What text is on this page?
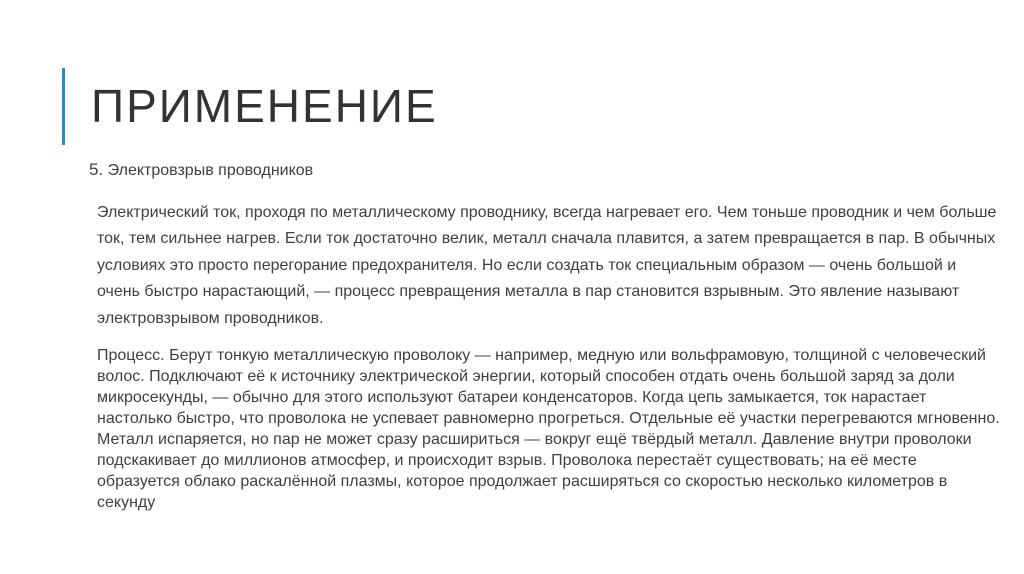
ПРИМЕНЕНИЕ

5. Электровзрыв проводников

Электрический ток, проходя по металлическому проводнику, всегда нагревает его. Чем тоньше проводник и чем больше ток, тем сильнее нагрев. Если ток достаточно велик, металл сначала плавится, а затем превращается в пар. В обычных условиях это просто перегорание предохранителя. Но если создать ток специальным образом — очень большой и очень быстро нарастающий, — процесс превращения металла в пар становится взрывным. Это явление называют электровзрывом проводников.

Процесс. Берут тонкую металлическую проволоку — например, медную или вольфрамовую, толщиной с человеческий волос. Подключают её к источнику электрической энергии, который способен отдать очень большой заряд за доли микросекунды, — обычно для этого используют батареи конденсаторов. Когда цепь замыкается, ток нарастает настолько быстро, что проволока не успевает равномерно прогреться. Отдельные её участки перегреваются мгновенно. Металл испаряется, но пар не может сразу расшириться — вокруг ещё твёрдый металл. Давление внутри проволоки подскакивает до миллионов атмосфер, и происходит взрыв. Проволока перестаёт существовать; на её месте образуется облако раскалённой плазмы, которое продолжает расширяться со скоростью несколько километров в секунду
